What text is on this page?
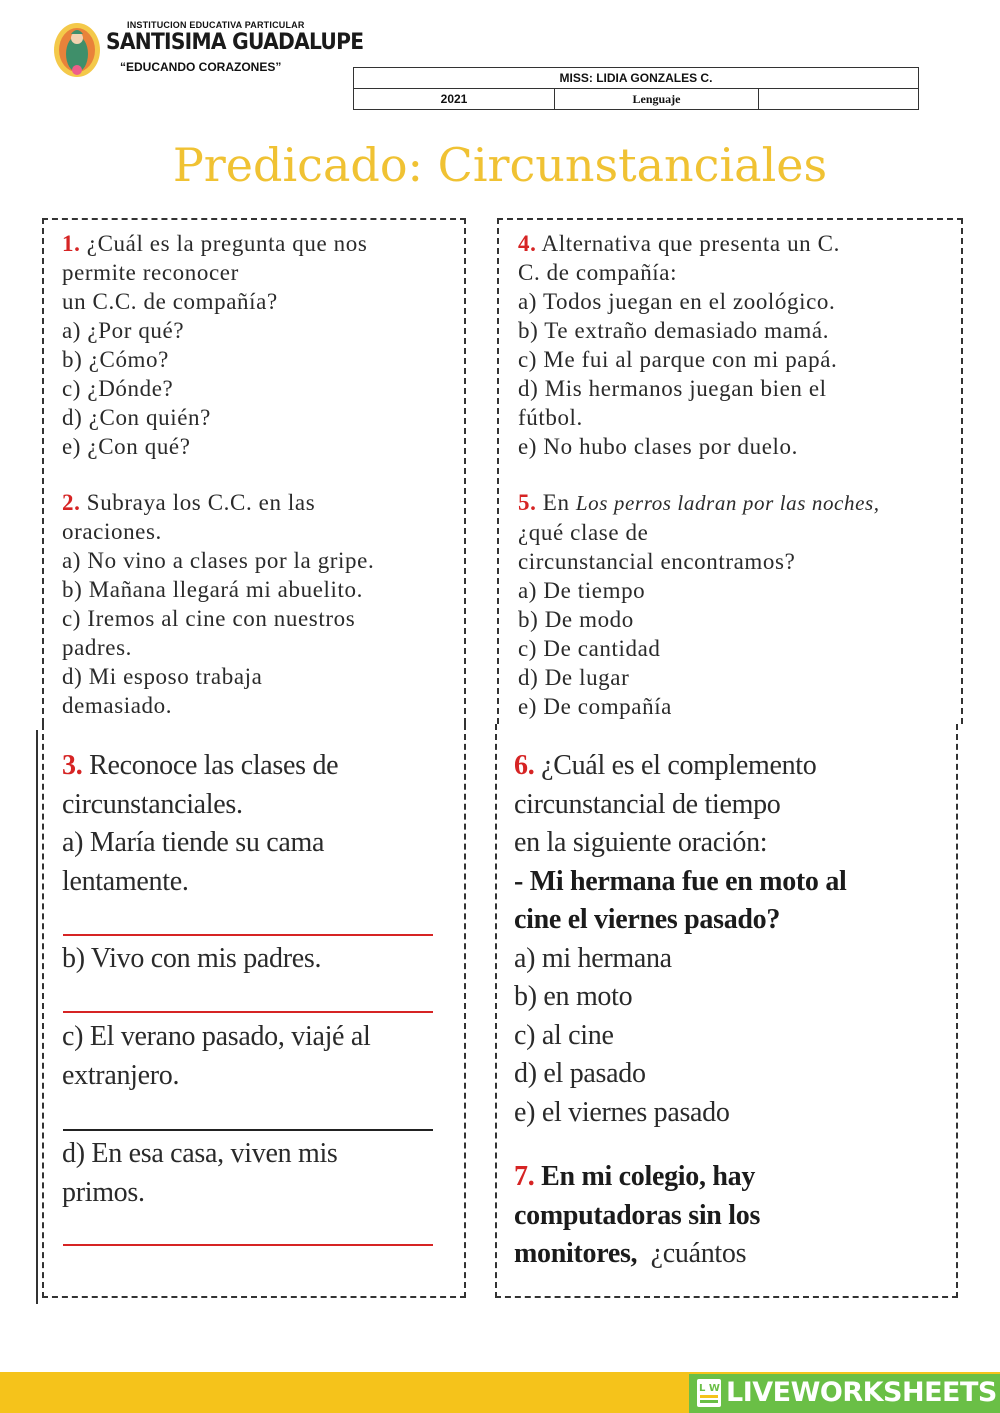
INSTITUCION EDUCATIVA PARTICULAR
SANTISIMA GUADALUPE
“EDUCANDO CORAZONES”
MISS: LIDIA GONZALES C.
2021	Lenguaje	
Predicado: Circunstanciales
1. ¿Cuál es la pregunta que nos
permite reconocer
un C.C. de compañía?
a) ¿Por qué?
b) ¿Cómo?
c) ¿Dónde?
d) ¿Con quién?
e) ¿Con qué?
2. Subraya los C.C. en las
oraciones.
a) No vino a clases por la gripe.
b) Mañana llegará mi abuelito.
c) Iremos al cine con nuestros
padres.
d) Mi esposo trabaja
demasiado.
4. Alternativa que presenta un C.
C. de compañía:
a) Todos juegan en el zoológico.
b) Te extraño demasiado mamá.
c) Me fui al parque con mi papá.
d) Mis hermanos juegan bien el
fútbol.
e) No hubo clases por duelo.
5. En Los perros ladran por las noches,
¿qué clase de
circunstancial encontramos?
a) De tiempo
b) De modo
c) De cantidad
d) De lugar
e) De compañía
3. Reconoce las clases de
circunstanciales.
a) María tiende su cama
lentamente.
b) Vivo con mis padres.
c) El verano pasado, viajé al
extranjero.
d) En esa casa, viven mis
primos.
6. ¿Cuál es el complemento
circunstancial de tiempo
en la siguiente oración:
- Mi hermana fue en moto al
cine el viernes pasado?
a) mi hermana
b) en moto
c) al cine
d) el pasado
e) el viernes pasado
7. En mi colegio, hay
computadoras sin los
monitores,  ¿cuántos
L W LIVEWORKSHEETS
